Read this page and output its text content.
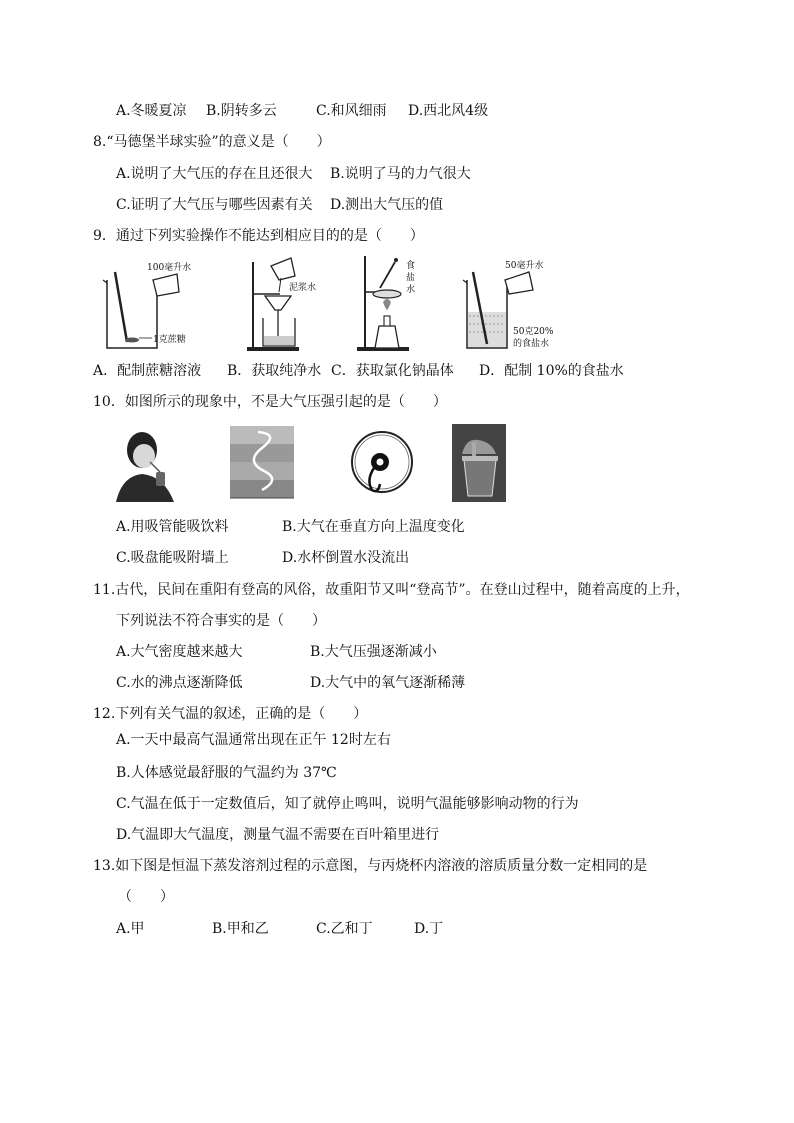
A.冬暖夏凉 B.阴转多云	C.和风细雨 D.西北风4级
8.“马德堡半球实验”的意义是（　　）
A.说明了大气压的存在且还很大 B.说明了马的力气很大
C.证明了大气压与哪些因素有关 D.测出大气压的值
9．通过下列实验操作不能达到相应目的的是（　　）
100毫升水
1克蔗糖
泥浆水
食
盐
水
50毫升水
50克20%
的食盐水
A．配制蔗糖溶液 B．获取纯净水 C．获取氯化钠晶体 D．配制 10%的食盐水
10．如图所示的现象中，不是大气压强引起的是（　　）
A.用吸管能吸饮料	B.大气在垂直方向上温度变化
C.吸盘能吸附墙上	D.水杯倒置水没流出
11.古代，民间在重阳有登高的风俗，故重阳节又叫“登高节”。在登山过程中，随着高度的上升，
下列说法不符合事实的是（　　）
A.大气密度越来越大	B.大气压强逐渐减小
C.水的沸点逐渐降低	D.大气中的氧气逐渐稀薄
12.下列有关气温的叙述，正确的是（　　）
A.一天中最高气温通常出现在正午 12时左右
B.人体感觉最舒服的气温约为 37℃
C.气温在低于一定数值后，知了就停止鸣叫，说明气温能够影响动物的行为
D.气温即大气温度，测量气温不需要在百叶箱里进行
13.如下图是恒温下蒸发溶剂过程的示意图，与丙烧杯内溶液的溶质质量分数一定相同的是
（　　）
A.甲	B.甲和乙	C.乙和丁	D.丁
